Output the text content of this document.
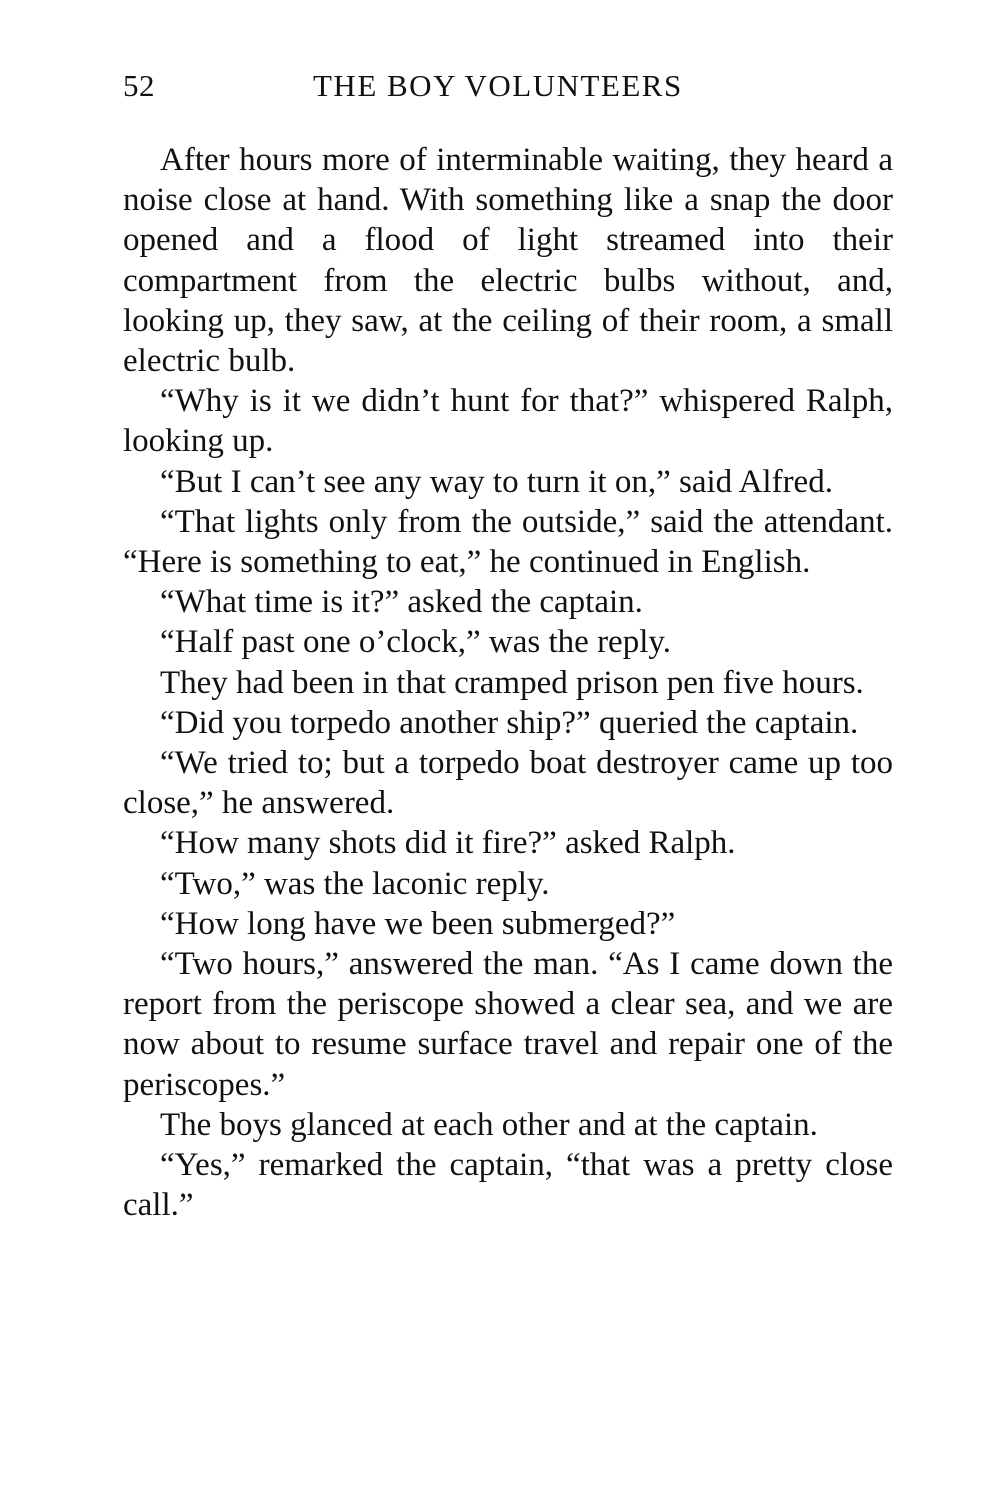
52	THE BOY VOLUNTEERS

After hours more of interminable waiting, they heard a noise close at hand. With something like a snap the door opened and a flood of light streamed into their compartment from the electric bulbs without, and, looking up, they saw, at the ceiling of their room, a small electric bulb.

“Why is it we didn’t hunt for that?” whispered Ralph, looking up.

“But I can’t see any way to turn it on,” said Alfred.

“That lights only from the outside,” said the attendant. “Here is something to eat,” he continued in English.

“What time is it?” asked the captain.

“Half past one o’clock,” was the reply.

They had been in that cramped prison pen five hours.

“Did you torpedo another ship?” queried the captain.

“We tried to; but a torpedo boat destroyer came up too close,” he answered.

“How many shots did it fire?” asked Ralph.

“Two,” was the laconic reply.

“How long have we been submerged?”

“Two hours,” answered the man. “As I came down the report from the periscope showed a clear sea, and we are now about to resume surface travel and repair one of the periscopes.”

The boys glanced at each other and at the captain.

“Yes,” remarked the captain, “that was a pretty close call.”
